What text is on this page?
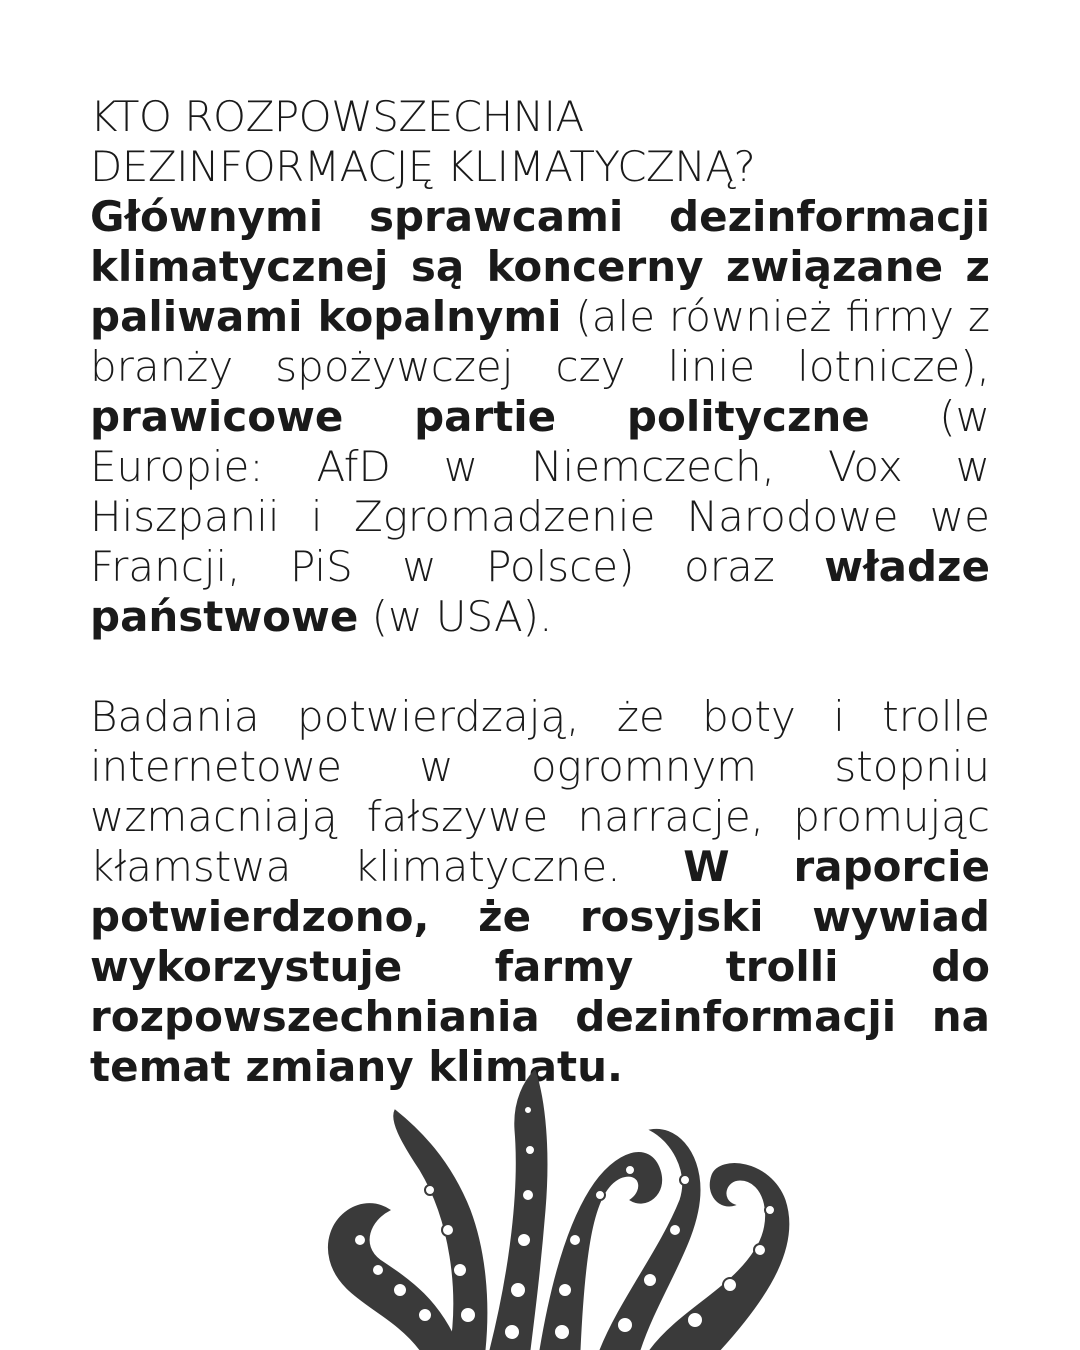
KTO ROZPOWSZECHNIA
DEZINFORMACJĘ KLIMATYCZNĄ?

Głównymi sprawcami dezinformacji klimatycznej są koncerny związane z paliwami kopalnymi (ale również firmy z branży spożywczej czy linie lotnicze), prawicowe partie polityczne (w Europie: AfD w Niemczech, Vox w Hiszpanii i Zgromadzenie Narodowe we Francji, PiS w Polsce) oraz władze państwowe (w USA).

Badania potwierdzają, że boty i trolle internetowe w ogromnym stopniu wzmacniają fałszywe narracje, promując kłamstwa klimatyczne. W raporcie potwierdzono, że rosyjski wywiad wykorzystuje farmy trolli do rozpowszechniania dezinformacji na temat zmiany klimatu.
